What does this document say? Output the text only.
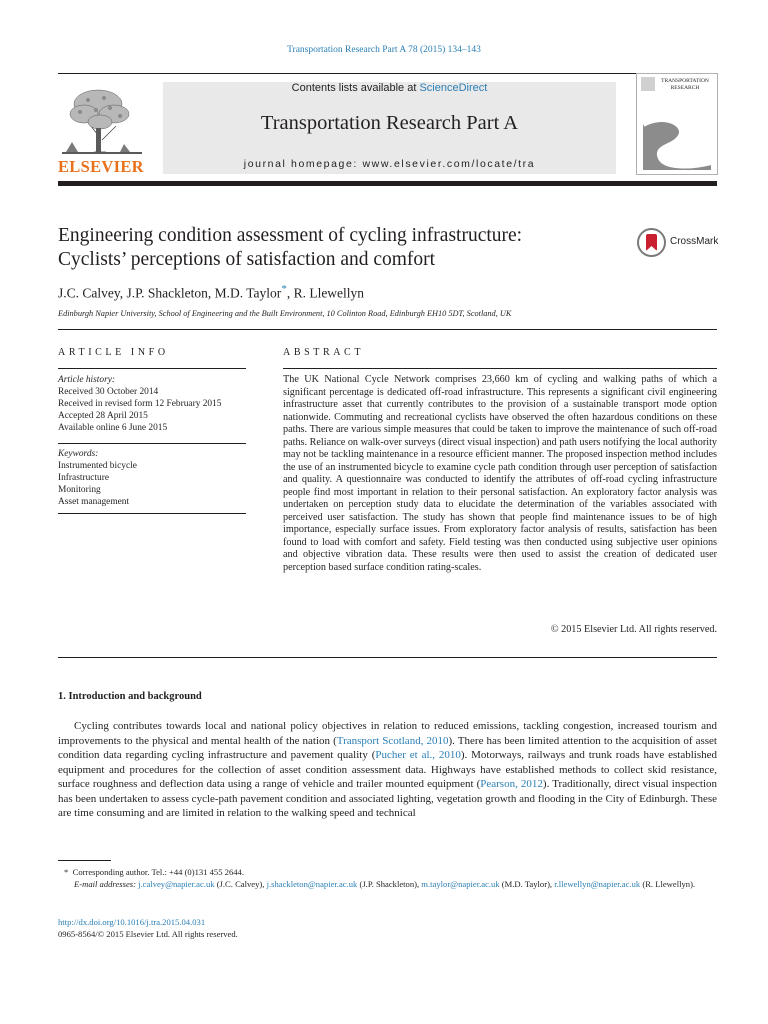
Transportation Research Part A 78 (2015) 134–143
ELSEVIER
Contents lists available at ScienceDirect
Transportation Research Part A
journal homepage: www.elsevier.com/locate/tra
TRANSPORTATION
RESEARCH
Engineering condition assessment of cycling infrastructure:
Cyclists’ perceptions of satisfaction and comfort
CrossMark
J.C. Calvey, J.P. Shackleton, M.D. Taylor*, R. Llewellyn
Edinburgh Napier University, School of Engineering and the Built Environment, 10 Colinton Road, Edinburgh EH10 5DT, Scotland, UK
ARTICLE INFO	ABSTRACT
Article history:
Received 30 October 2014
Received in revised form 12 February 2015
Accepted 28 April 2015
Available online 6 June 2015
Keywords:
Instrumented bicycle
Infrastructure
Monitoring
Asset management
The UK National Cycle Network comprises 23,660 km of cycling and walking paths of which a significant percentage is dedicated off-road infrastructure. This represents a significant civil engineering infrastructure asset that currently contributes to the provision of a sustainable transport mode option nationwide. Commuting and recreational cyclists have observed the often hazardous conditions on these paths. There are various simple measures that could be taken to improve the maintenance of such off-road paths. Reliance on walk-over surveys (direct visual inspection) and path users notifying the local authority may not be tackling maintenance in a resource efficient manner. The proposed inspection method includes the use of an instrumented bicycle to examine cycle path condition through user perception of satisfaction and quality. A questionnaire was conducted to identify the attributes of off-road cycling infrastructure people find most important in relation to their personal satisfaction. An exploratory factor analysis was undertaken on perception study data to elucidate the determination of the variables associated with perceived user satisfaction. The study has shown that people find maintenance issues to be of high importance, especially surface issues. From exploratory factor analysis of results, satisfaction has been found to load with comfort and safety. Field testing was then conducted using subjective user opinions and objective vibration data. These results were then used to assist the creation of dedicated user perception based surface condition rating-scales.
© 2015 Elsevier Ltd. All rights reserved.
1. Introduction and background
Cycling contributes towards local and national policy objectives in relation to reduced emissions, tackling congestion, increased tourism and improvements to the physical and mental health of the nation (Transport Scotland, 2010). There has been limited attention to the acquisition of asset condition data regarding cycling infrastructure and pavement quality (Pucher et al., 2010). Motorways, railways and trunk roads have established equipment and procedures for the collection of asset condition assessment data. Highways have established methods to collect skid resistance, surface roughness and deflection data using a range of vehicle and trailer mounted equipment (Pearson, 2012). Traditionally, direct visual inspection has been undertaken to assess cycle-path pavement condition and associated lighting, vegetation growth and flooding in the City of Edinburgh. These are time consuming and are limited in relation to the walking speed and technical
* Corresponding author. Tel.: +44 (0)131 455 2644.
E-mail addresses: j.calvey@napier.ac.uk (J.C. Calvey), j.shackleton@napier.ac.uk (J.P. Shackleton), m.taylor@napier.ac.uk (M.D. Taylor), r.llewellyn@napier.ac.uk (R. Llewellyn).
http://dx.doi.org/10.1016/j.tra.2015.04.031
0965-8564/© 2015 Elsevier Ltd. All rights reserved.
